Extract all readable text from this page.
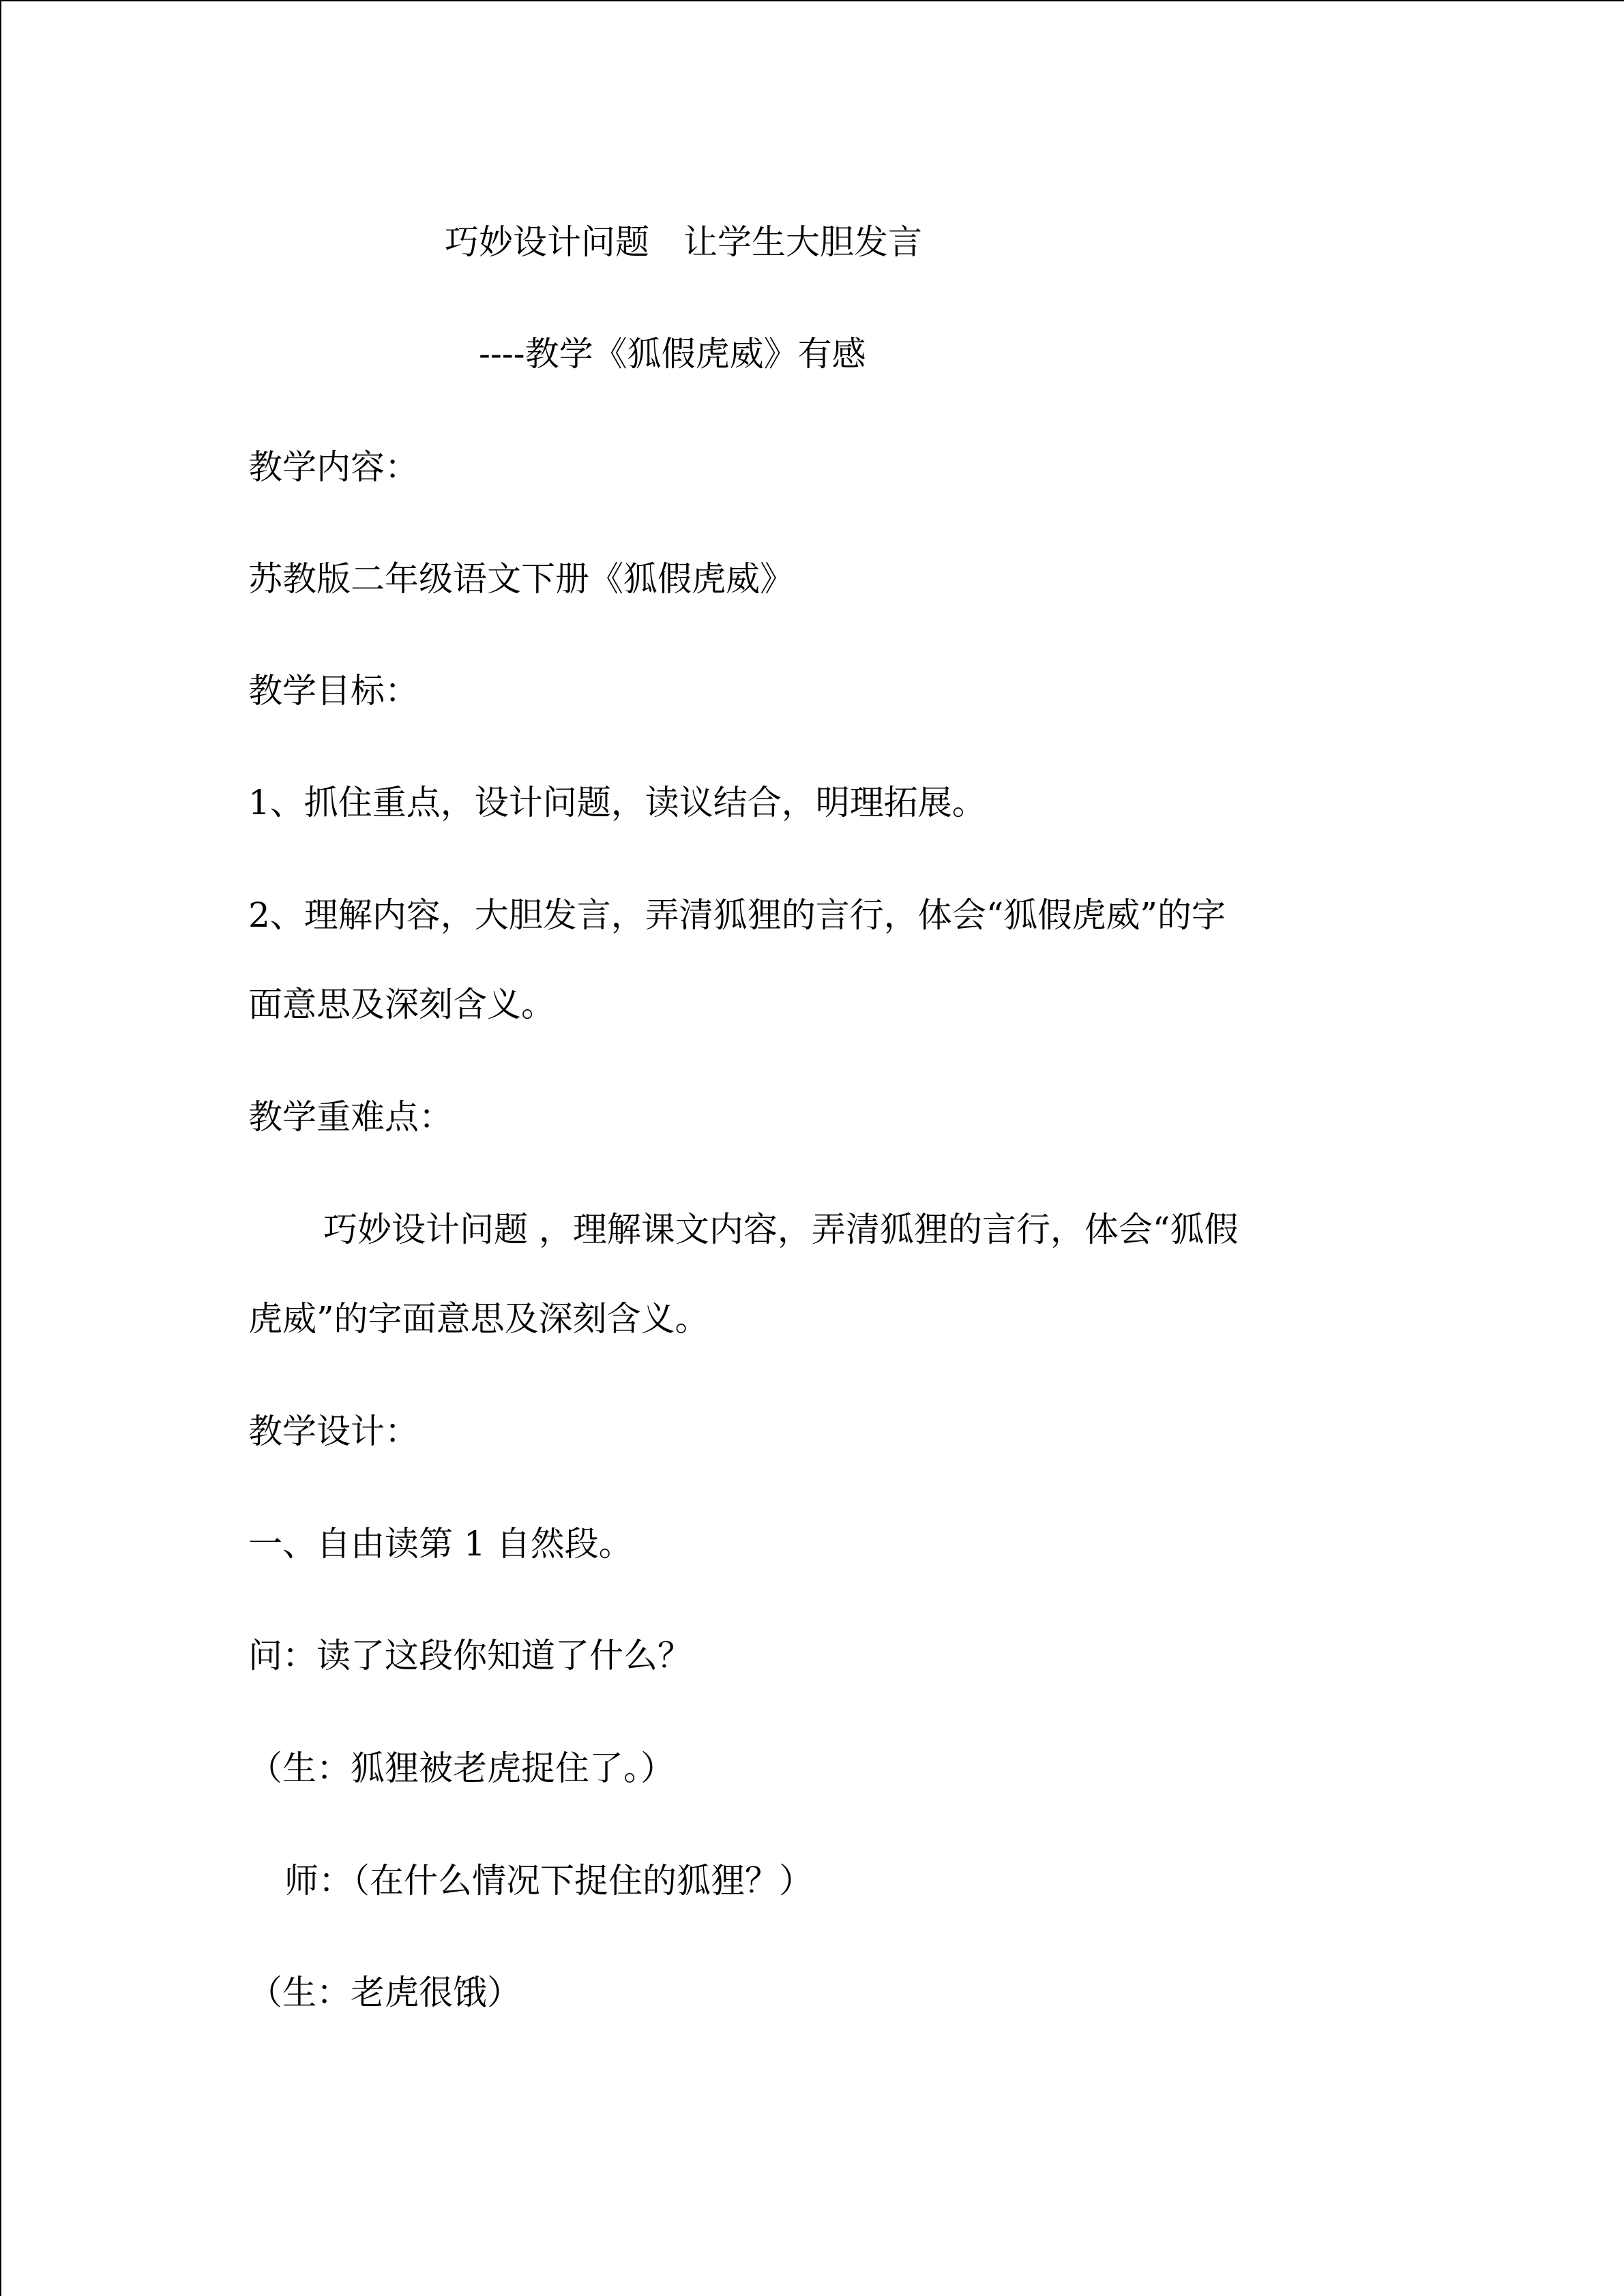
巧妙设计问题　让学生大胆发言
----教学《狐假虎威》有感
教学内容：
苏教版二年级语文下册《狐假虎威》
教学目标：
1、抓住重点，设计问题，读议结合，明理拓展。
2、理解内容，大胆发言，弄清狐狸的言行，体会“狐假虎威”的字
面意思及深刻含义。
教学重难点：
巧妙设计问题 ，理解课文内容，弄清狐狸的言行，体会“狐假
虎威”的字面意思及深刻含义。
教学设计：
一、自由读第 1 自然段。
问：读了这段你知道了什么？
（生：狐狸被老虎捉住了。）
师：（在什么情况下捉住的狐狸？）
（生：老虎很饿）
